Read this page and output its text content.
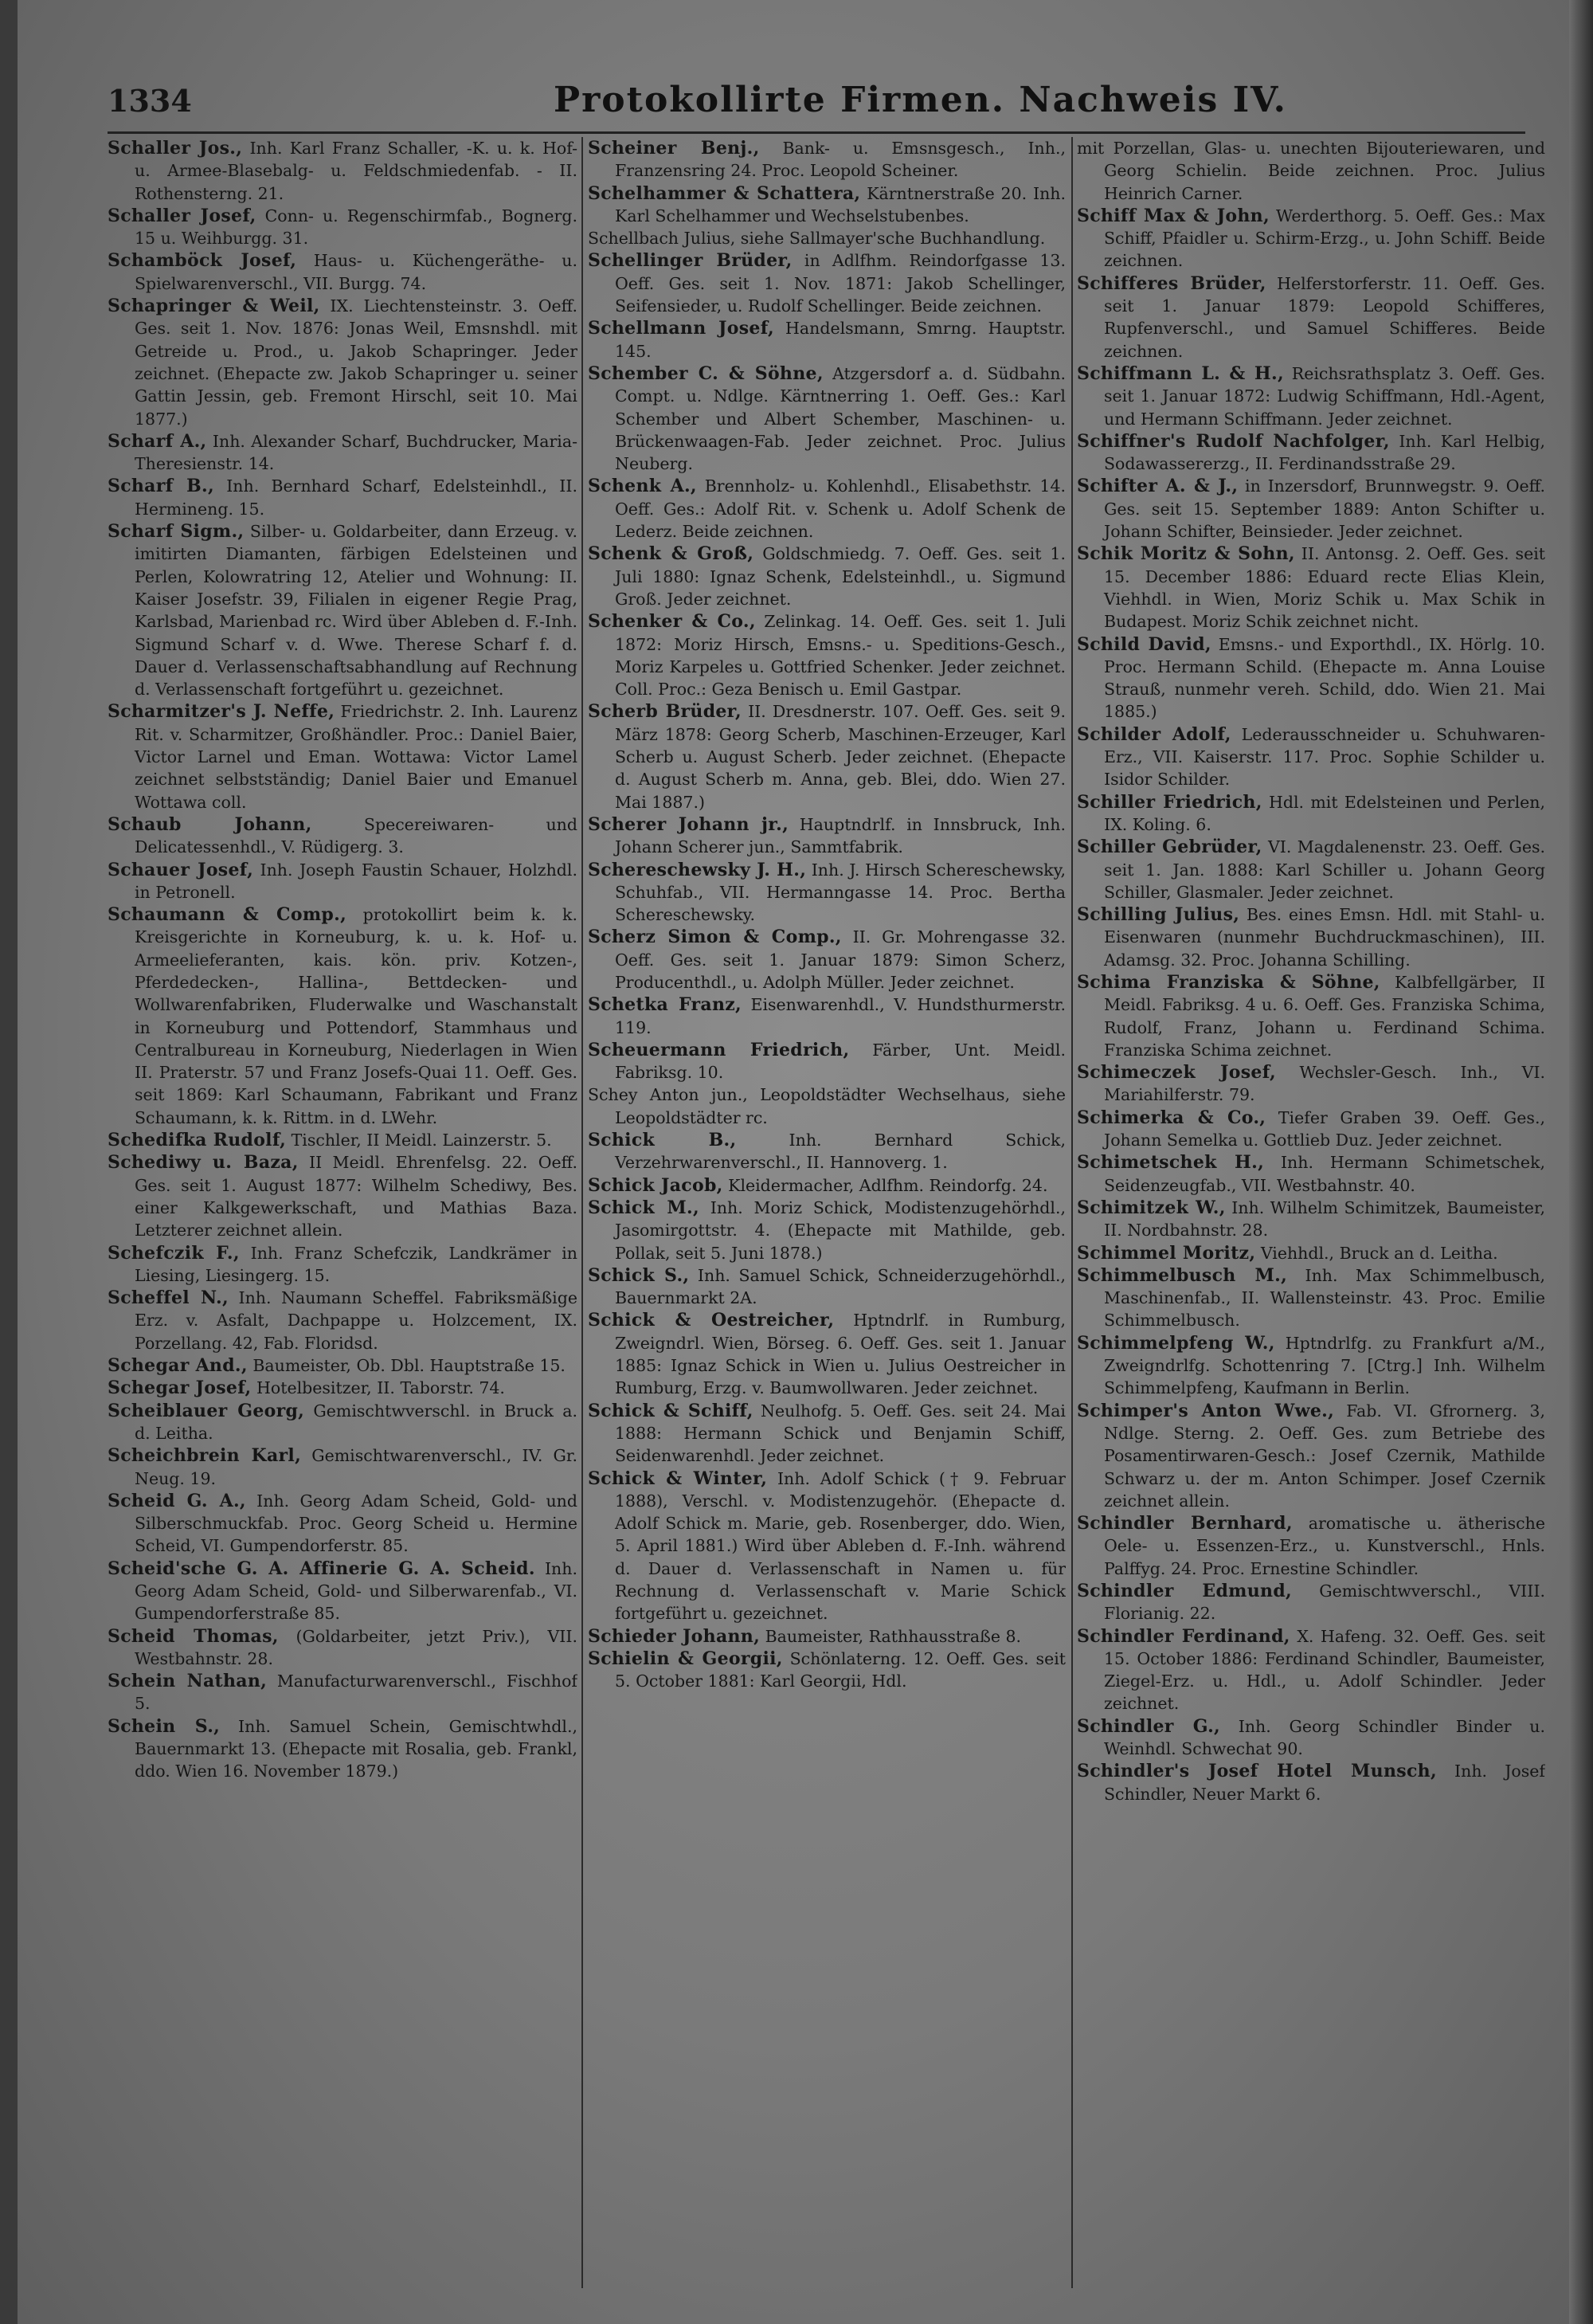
1334	Protokollirte Firmen. Nachweis IV.

Schaller Jos., Inh. Karl Franz Schaller, -K. u. k. Hof- u. Armee-Blasebalg- u. Feldschmiedenfab. - II. Rothensterng. 21.

Schaller Josef, Conn- u. Regenschirmfab., Bognerg. 15 u. Weihburgg. 31.

Schamböck Josef, Haus- u. Küchengeräthe- u. Spielwarenverschl., VII. Burgg. 74.

Schapringer & Weil, IX. Liechtensteinstr. 3. Oeff. Ges. seit 1. Nov. 1876: Jonas Weil, Emsnshdl. mit Getreide u. Prod., u. Jakob Schapringer. Jeder zeichnet. (Ehepacte zw. Jakob Schapringer u. seiner Gattin Jessin, geb. Fremont Hirschl, seit 10. Mai 1877.)

Scharf A., Inh. Alexander Scharf, Buchdrucker, Maria-Theresienstr. 14.

Scharf B., Inh. Bernhard Scharf, Edelsteinhdl., II. Hermineng. 15.

Scharf Sigm., Silber- u. Goldarbeiter, dann Erzeug. v. imitirten Diamanten, färbigen Edelsteinen und Perlen, Kolowratring 12, Atelier und Wohnung: II. Kaiser Josefstr. 39, Filialen in eigener Regie Prag, Karlsbad, Marienbad rc. Wird über Ableben d. F.-Inh. Sigmund Scharf v. d. Wwe. Therese Scharf f. d. Dauer d. Verlassenschaftsabhandlung auf Rechnung d. Verlassenschaft fortgeführt u. gezeichnet.

Scharmitzer's J. Neffe, Friedrichstr. 2. Inh. Laurenz Rit. v. Scharmitzer, Großhändler. Proc.: Daniel Baier, Victor Larnel und Eman. Wottawa: Victor Lamel zeichnet selbstständig; Daniel Baier und Emanuel Wottawa coll.

Schaub Johann, Specereiwaren- und Delicatessenhdl., V. Rüdigerg. 3.

Schauer Josef, Inh. Joseph Faustin Schauer, Holzhdl. in Petronell.

Schaumann & Comp., protokollirt beim k. k. Kreisgerichte in Korneuburg, k. u. k. Hof- u. Armeelieferanten, kais. kön. priv. Kotzen-, Pferdedecken-, Hallina-, Bettdecken- und Wollwarenfabriken, Fluderwalke und Waschanstalt in Korneuburg und Pottendorf, Stammhaus und Centralbureau in Korneuburg, Niederlagen in Wien II. Praterstr. 57 und Franz Josefs-Quai 11. Oeff. Ges. seit 1869: Karl Schaumann, Fabrikant und Franz Schaumann, k. k. Rittm. in d. LWehr.

Schedifka Rudolf, Tischler, II Meidl. Lainzerstr. 5.

Schediwy u. Baza, II Meidl. Ehrenfelsg. 22. Oeff. Ges. seit 1. August 1877: Wilhelm Schediwy, Bes. einer Kalkgewerkschaft, und Mathias Baza. Letzterer zeichnet allein.

Schefczik F., Inh. Franz Schefczik, Landkrämer in Liesing, Liesingerg. 15.

Scheffel N., Inh. Naumann Scheffel. Fabriksmäßige Erz. v. Asfalt, Dachpappe u. Holzcement, IX. Porzellang. 42, Fab. Floridsd.

Schegar And., Baumeister, Ob. Dbl. Hauptstraße 15.

Schegar Josef, Hotelbesitzer, II. Taborstr. 74.

Scheiblauer Georg, Gemischtwverschl. in Bruck a. d. Leitha.

Scheichbrein Karl, Gemischtwarenverschl., IV. Gr. Neug. 19.

Scheid G. A., Inh. Georg Adam Scheid, Gold- und Silberschmuckfab. Proc. Georg Scheid u. Hermine Scheid, VI. Gumpendorferstr. 85.

Scheid'sche G. A. Affinerie G. A. Scheid. Inh. Georg Adam Scheid, Gold- und Silberwarenfab., VI. Gumpendorferstraße 85.

Scheid Thomas, (Goldarbeiter, jetzt Priv.), VII. Westbahnstr. 28.

Schein Nathan, Manufacturwarenverschl., Fischhof 5.

Schein S., Inh. Samuel Schein, Gemischtwhdl., Bauernmarkt 13. (Ehepacte mit Rosalia, geb. Frankl, ddo. Wien 16. November 1879.)

Scheiner Benj., Bank- u. Emsnsgesch., Inh., Franzensring 24. Proc. Leopold Scheiner.

Schelhammer & Schattera, Kärntnerstraße 20. Inh. Karl Schelhammer und Wechselstubenbes.

Schellbach Julius, siehe Sallmayer'sche Buchhandlung.

Schellinger Brüder, in Adlfhm. Reindorfgasse 13. Oeff. Ges. seit 1. Nov. 1871: Jakob Schellinger, Seifensieder, u. Rudolf Schellinger. Beide zeichnen.

Schellmann Josef, Handelsmann, Smrng. Hauptstr. 145.

Schember C. & Söhne, Atzgersdorf a. d. Südbahn. Compt. u. Ndlge. Kärntnerring 1. Oeff. Ges.: Karl Schember und Albert Schember, Maschinen- u. Brückenwaagen-Fab. Jeder zeichnet. Proc. Julius Neuberg.

Schenk A., Brennholz- u. Kohlenhdl., Elisabethstr. 14. Oeff. Ges.: Adolf Rit. v. Schenk u. Adolf Schenk de Lederz. Beide zeichnen.

Schenk & Groß, Goldschmiedg. 7. Oeff. Ges. seit 1. Juli 1880: Ignaz Schenk, Edelsteinhdl., u. Sigmund Groß. Jeder zeichnet.

Schenker & Co., Zelinkag. 14. Oeff. Ges. seit 1. Juli 1872: Moriz Hirsch, Emsns.- u. Speditions-Gesch., Moriz Karpeles u. Gottfried Schenker. Jeder zeichnet. Coll. Proc.: Geza Benisch u. Emil Gastpar.

Scherb Brüder, II. Dresdnerstr. 107. Oeff. Ges. seit 9. März 1878: Georg Scherb, Maschinen-Erzeuger, Karl Scherb u. August Scherb. Jeder zeichnet. (Ehepacte d. August Scherb m. Anna, geb. Blei, ddo. Wien 27. Mai 1887.)

Scherer Johann jr., Hauptndrlf. in Innsbruck, Inh. Johann Scherer jun., Sammtfabrik.

Schereschewsky J. H., Inh. J. Hirsch Schereschewsky, Schuhfab., VII. Hermanngasse 14. Proc. Bertha Schereschewsky.

Scherz Simon & Comp., II. Gr. Mohrengasse 32. Oeff. Ges. seit 1. Januar 1879: Simon Scherz, Producenthdl., u. Adolph Müller. Jeder zeichnet.

Schetka Franz, Eisenwarenhdl., V. Hundsthurmerstr. 119.

Scheuermann Friedrich, Färber, Unt. Meidl. Fabriksg. 10.

Schey Anton jun., Leopoldstädter Wechselhaus, siehe Leopoldstädter rc.

Schick B., Inh. Bernhard Schick, Verzehrwarenverschl., II. Hannoverg. 1.

Schick Jacob, Kleidermacher, Adlfhm. Reindorfg. 24.

Schick M., Inh. Moriz Schick, Modistenzugehörhdl., Jasomirgottstr. 4. (Ehepacte mit Mathilde, geb. Pollak, seit 5. Juni 1878.)

Schick S., Inh. Samuel Schick, Schneiderzugehörhdl., Bauernmarkt 2A.

Schick & Oestreicher, Hptndrlf. in Rumburg, Zweigndrl. Wien, Börseg. 6. Oeff. Ges. seit 1. Januar 1885: Ignaz Schick in Wien u. Julius Oestreicher in Rumburg, Erzg. v. Baumwollwaren. Jeder zeichnet.

Schick & Schiff, Neulhofg. 5. Oeff. Ges. seit 24. Mai 1888: Hermann Schick und Benjamin Schiff, Seidenwarenhdl. Jeder zeichnet.

Schick & Winter, Inh. Adolf Schick († 9. Februar 1888), Verschl. v. Modistenzugehör. (Ehepacte d. Adolf Schick m. Marie, geb. Rosenberger, ddo. Wien, 5. April 1881.) Wird über Ableben d. F.-Inh. während d. Dauer d. Verlassenschaft in Namen u. für Rechnung d. Verlassenschaft v. Marie Schick fortgeführt u. gezeichnet.

Schieder Johann, Baumeister, Rathhausstraße 8.

Schielin & Georgii, Schönlaterng. 12. Oeff. Ges. seit 5. October 1881: Karl Georgii, Hdl.

mit Porzellan, Glas- u. unechten Bijouteriewaren, und Georg Schielin. Beide zeichnen. Proc. Julius Heinrich Carner.

Schiff Max & John, Werderthorg. 5. Oeff. Ges.: Max Schiff, Pfaidler u. Schirm-Erzg., u. John Schiff. Beide zeichnen.

Schifferes Brüder, Helferstorferstr. 11. Oeff. Ges. seit 1. Januar 1879: Leopold Schifferes, Rupfenverschl., und Samuel Schifferes. Beide zeichnen.

Schiffmann L. & H., Reichsrathsplatz 3. Oeff. Ges. seit 1. Januar 1872: Ludwig Schiffmann, Hdl.-Agent, und Hermann Schiffmann. Jeder zeichnet.

Schiffner's Rudolf Nachfolger, Inh. Karl Helbig, Sodawassererzg., II. Ferdinandsstraße 29.

Schifter A. & J., in Inzersdorf, Brunnwegstr. 9. Oeff. Ges. seit 15. September 1889: Anton Schifter u. Johann Schifter, Beinsieder. Jeder zeichnet.

Schik Moritz & Sohn, II. Antonsg. 2. Oeff. Ges. seit 15. December 1886: Eduard recte Elias Klein, Viehhdl. in Wien, Moriz Schik u. Max Schik in Budapest. Moriz Schik zeichnet nicht.

Schild David, Emsns.- und Exporthdl., IX. Hörlg. 10. Proc. Hermann Schild. (Ehepacte m. Anna Louise Strauß, nunmehr vereh. Schild, ddo. Wien 21. Mai 1885.)

Schilder Adolf, Lederausschneider u. Schuhwaren-Erz., VII. Kaiserstr. 117. Proc. Sophie Schilder u. Isidor Schilder.

Schiller Friedrich, Hdl. mit Edelsteinen und Perlen, IX. Koling. 6.

Schiller Gebrüder, VI. Magdalenenstr. 23. Oeff. Ges. seit 1. Jan. 1888: Karl Schiller u. Johann Georg Schiller, Glasmaler. Jeder zeichnet.

Schilling Julius, Bes. eines Emsn. Hdl. mit Stahl- u. Eisenwaren (nunmehr Buchdruckmaschinen), III. Adamsg. 32. Proc. Johanna Schilling.

Schima Franziska & Söhne, Kalbfellgärber, II Meidl. Fabriksg. 4 u. 6. Oeff. Ges. Franziska Schima, Rudolf, Franz, Johann u. Ferdinand Schima. Franziska Schima zeichnet.

Schimeczek Josef, Wechsler-Gesch. Inh., VI. Mariahilferstr. 79.

Schimerka & Co., Tiefer Graben 39. Oeff. Ges., Johann Semelka u. Gottlieb Duz. Jeder zeichnet.

Schimetschek H., Inh. Hermann Schimetschek, Seidenzeugfab., VII. Westbahnstr. 40.

Schimitzek W., Inh. Wilhelm Schimitzek, Baumeister, II. Nordbahnstr. 28.

Schimmel Moritz, Viehhdl., Bruck an d. Leitha.

Schimmelbusch M., Inh. Max Schimmelbusch, Maschinenfab., II. Wallensteinstr. 43. Proc. Emilie Schimmelbusch.

Schimmelpfeng W., Hptndrlfg. zu Frankfurt a/M., Zweigndrlfg. Schottenring 7. [Ctrg.] Inh. Wilhelm Schimmelpfeng, Kaufmann in Berlin.

Schimper's Anton Wwe., Fab. VI. Gfrornerg. 3, Ndlge. Sterng. 2. Oeff. Ges. zum Betriebe des Posamentirwaren-Gesch.: Josef Czernik, Mathilde Schwarz u. der m. Anton Schimper. Josef Czernik zeichnet allein.

Schindler Bernhard, aromatische u. ätherische Oele- u. Essenzen-Erz., u. Kunstverschl., Hnls. Palffyg. 24. Proc. Ernestine Schindler.

Schindler Edmund, Gemischtwverschl., VIII. Florianig. 22.

Schindler Ferdinand, X. Hafeng. 32. Oeff. Ges. seit 15. October 1886: Ferdinand Schindler, Baumeister, Ziegel-Erz. u. Hdl., u. Adolf Schindler. Jeder zeichnet.

Schindler G., Inh. Georg Schindler Binder u. Weinhdl. Schwechat 90.

Schindler's Josef Hotel Munsch, Inh. Josef Schindler, Neuer Markt 6.
